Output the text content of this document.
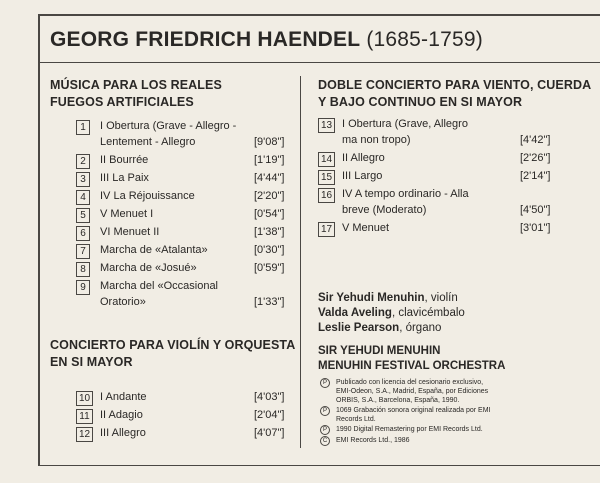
GEORG FRIEDRICH HAENDEL (1685-1759)
MÚSICA PARA LOS REALES
FUEGOS ARTIFICIALES
1	I Obertura (Grave - Allegro -
Lentement - Allegro	[9'08"]
2	II Bourrée	[1'19"]
3	III La Paix	[4'44"]
4	IV La Réjouissance	[2'20"]
5	V Menuet I	[0'54"]
6	VI Menuet II	[1'38"]
7	Marcha de «Atalanta»	[0'30"]
8	Marcha de «Josué»	[0'59"]
9	Marcha del «Occasional
Oratorio»	[1'33"]
10 I Andante	[4'03"]
11 II Adagio	[2'04"]
12 III Allegro	[4'07"]
13 I Obertura (Grave, Allegro
ma non tropo)	[4'42"]
14 II Allegro	[2'26"]
15 III Largo	[2'14"]
16 IV A tempo ordinario - Alla
breve (Moderato)	[4'50"]
17 V Menuet	[3'01"]
CONCIERTO PARA VIOLÍN Y ORQUESTA
EN SI MAYOR
DOBLE CONCIERTO PARA VIENTO, CUERDA
Y BAJO CONTINUO EN SI MAYOR
Sir Yehudi Menuhin, violín
Valda Aveling, clavicémbalo
Leslie Pearson, órgano
SIR YEHUDI MENUHIN
MENUHIN FESTIVAL ORCHESTRA
P	Publicado con licencia del cesionario exclusivo,
EMI-Odeon, S.A., Madrid, España, por Ediciones
ORBIS, S.A., Barcelona, España, 1990.
P	1069 Grabación sonora original realizada por EMI
Records Ltd.
P	1990 Digital Remastering por EMI Records Ltd.
C	EMI Records Ltd., 1986
